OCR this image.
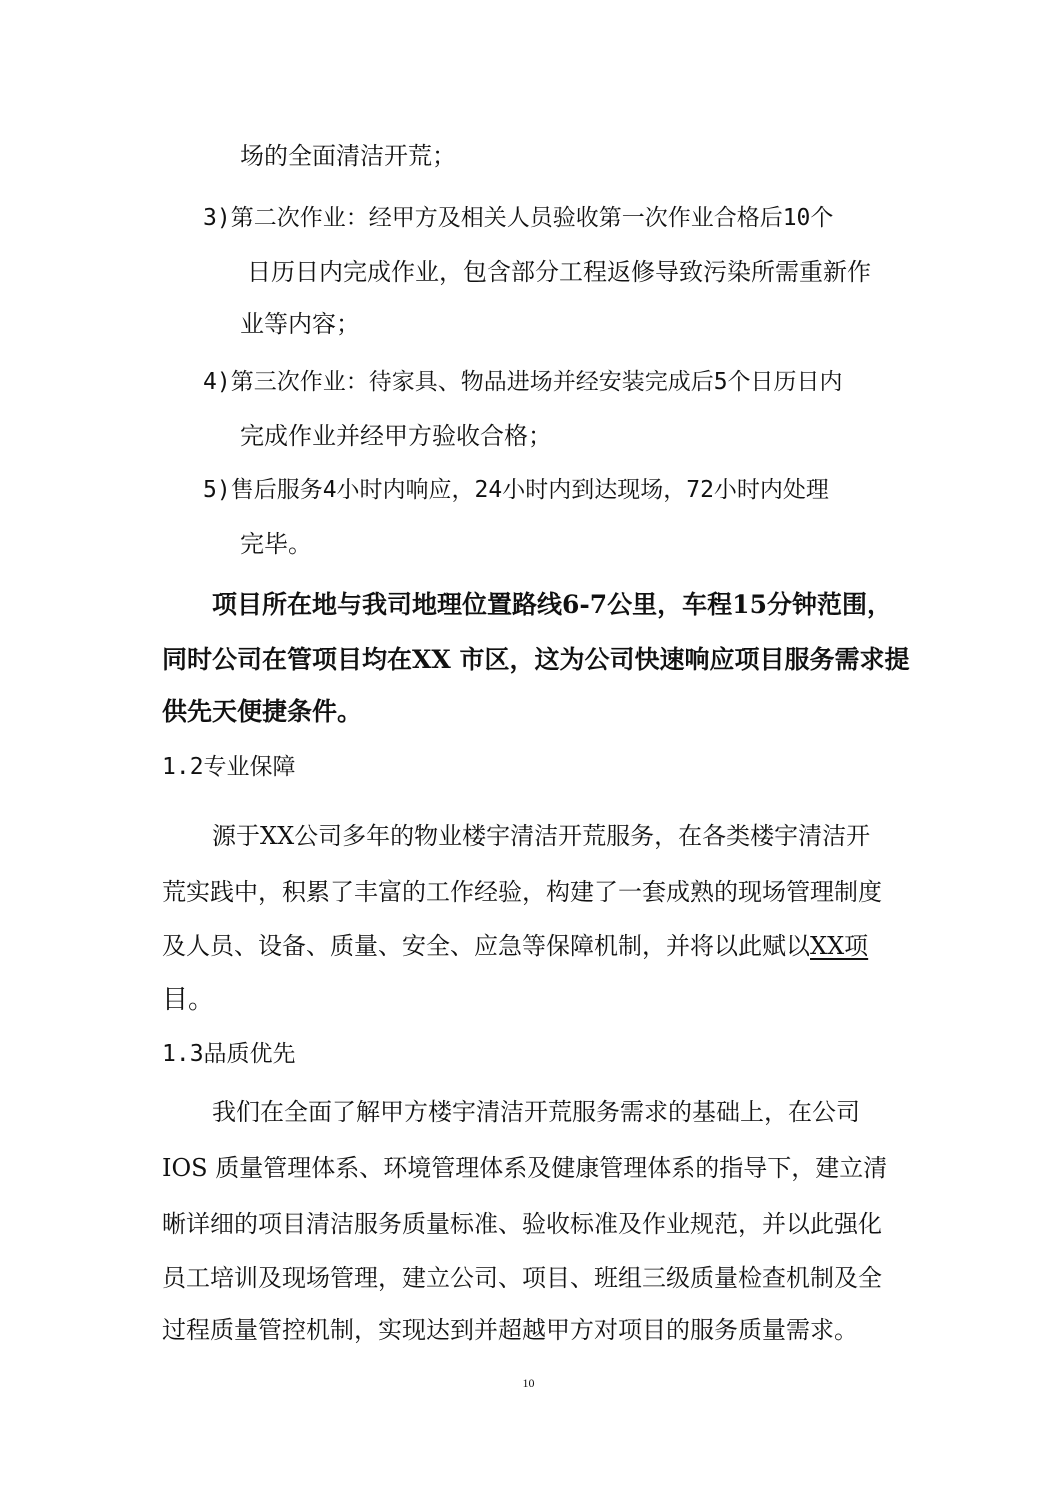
场的全面清洁开荒；
3)第二次作业：经甲方及相关人员验收第一次作业合格后10个
日历日内完成作业，包含部分工程返修导致污染所需重新作
业等内容；
4)第三次作业：待家具、物品进场并经安装完成后5个日历日内
完成作业并经甲方验收合格；
5)售后服务4小时内响应，24小时内到达现场，72小时内处理
完毕。
项目所在地与我司地理位置路线6-7公里，车程15分钟范围，
同时公司在管项目均在XX 市区，这为公司快速响应项目服务需求提
供先天便捷条件。
1.2专业保障
源于XX公司多年的物业楼宇清洁开荒服务，在各类楼宇清洁开
荒实践中，积累了丰富的工作经验，构建了一套成熟的现场管理制度
及人员、设备、质量、安全、应急等保障机制，并将以此赋以XX项
目。
1.3品质优先
我们在全面了解甲方楼宇清洁开荒服务需求的基础上，在公司
IOS 质量管理体系、环境管理体系及健康管理体系的指导下，建立清
晰详细的项目清洁服务质量标准、验收标准及作业规范，并以此强化
员工培训及现场管理，建立公司、项目、班组三级质量检查机制及全
过程质量管控机制，实现达到并超越甲方对项目的服务质量需求。
10
